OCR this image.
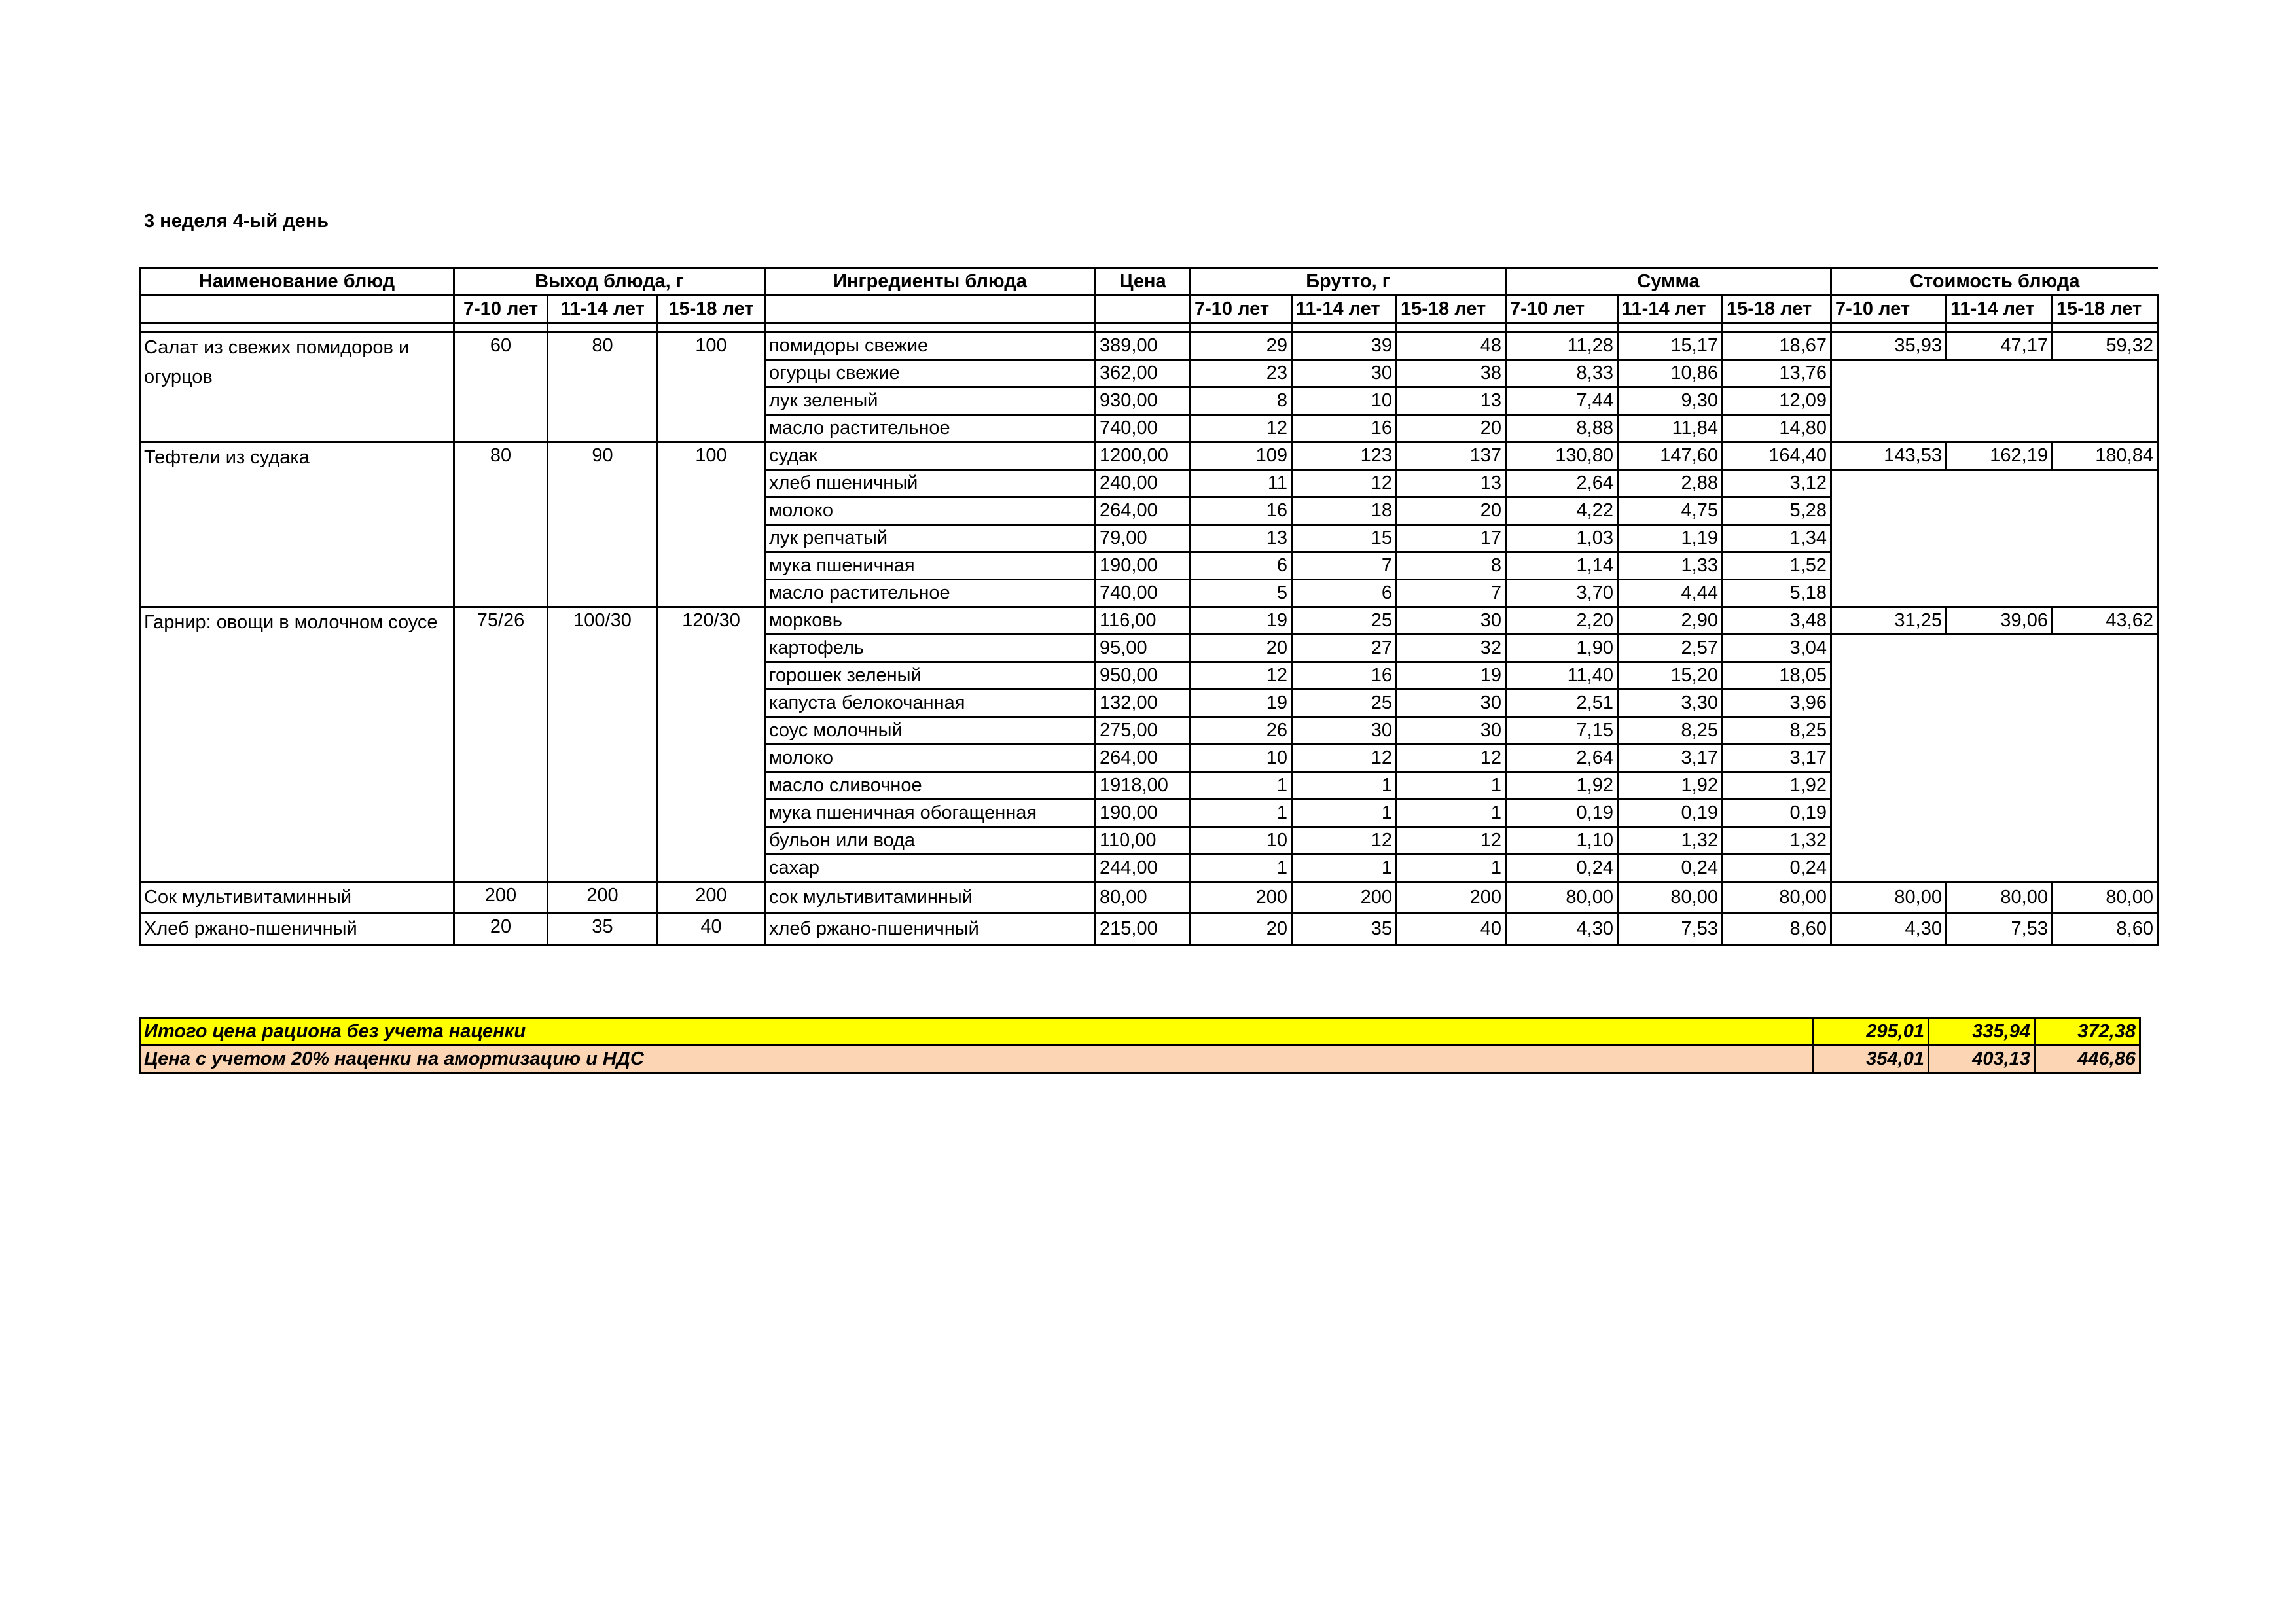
3 неделя 4-ый день
Наименование блюд	Выход блюда, г			Ингредиенты блюда	Цена	Брутто, г			Сумма			Стоимость блюда		
	7-10 лет	11-14 лет	15-18 лет			7-10 лет	11-14 лет	15-18 лет	7-10 лет	11-14 лет	15-18 лет	7-10 лет	11-14 лет	15-18 лет

Салат из свежих помидоров и огурцов	60	80	100	помидоры свежие	389,00	29	39	48	11,28	15,17	18,67	35,93	47,17	59,32
				огурцы свежие	362,00	23	30	38	8,33	10,86	13,76			
				лук зеленый	930,00	8	10	13	7,44	9,30	12,09			
				масло растительное	740,00	12	16	20	8,88	11,84	14,80			
Тефтели из судака	80	90	100	судак	1200,00	109	123	137	130,80	147,60	164,40	143,53	162,19	180,84
				хлеб пшеничный	240,00	11	12	13	2,64	2,88	3,12			
				молоко	264,00	16	18	20	4,22	4,75	5,28			
				лук репчатый	79,00	13	15	17	1,03	1,19	1,34			
				мука пшеничная	190,00	6	7	8	1,14	1,33	1,52			
				масло растительное	740,00	5	6	7	3,70	4,44	5,18			
Гарнир: овощи в молочном соусе	75/26	100/30	120/30	морковь	116,00	19	25	30	2,20	2,90	3,48	31,25	39,06	43,62
				картофель	95,00	20	27	32	1,90	2,57	3,04			
				горошек зеленый	950,00	12	16	19	11,40	15,20	18,05			
				капуста белокочанная	132,00	19	25	30	2,51	3,30	3,96			
				соус молочный	275,00	26	30	30	7,15	8,25	8,25			
				молоко	264,00	10	12	12	2,64	3,17	3,17			
				масло сливочное	1918,00	1	1	1	1,92	1,92	1,92			
				мука пшеничная обогащенная	190,00	1	1	1	0,19	0,19	0,19			
				бульон или вода	110,00	10	12	12	1,10	1,32	1,32			
				сахар	244,00	1	1	1	0,24	0,24	0,24			
Сок мультивитаминный	200	200	200	сок мультивитаминный	80,00	200	200	200	80,00	80,00	80,00	80,00	80,00	80,00
Хлеб ржано-пшеничный	20	35	40	хлеб ржано-пшеничный	215,00	20	35	40	4,30	7,53	8,60	4,30	7,53	8,60
Итого цена рациона без учета наценки	295,01	335,94	372,38
Цена с учетом 20% наценки на амортизацию и НДС	354,01	403,13	446,86
